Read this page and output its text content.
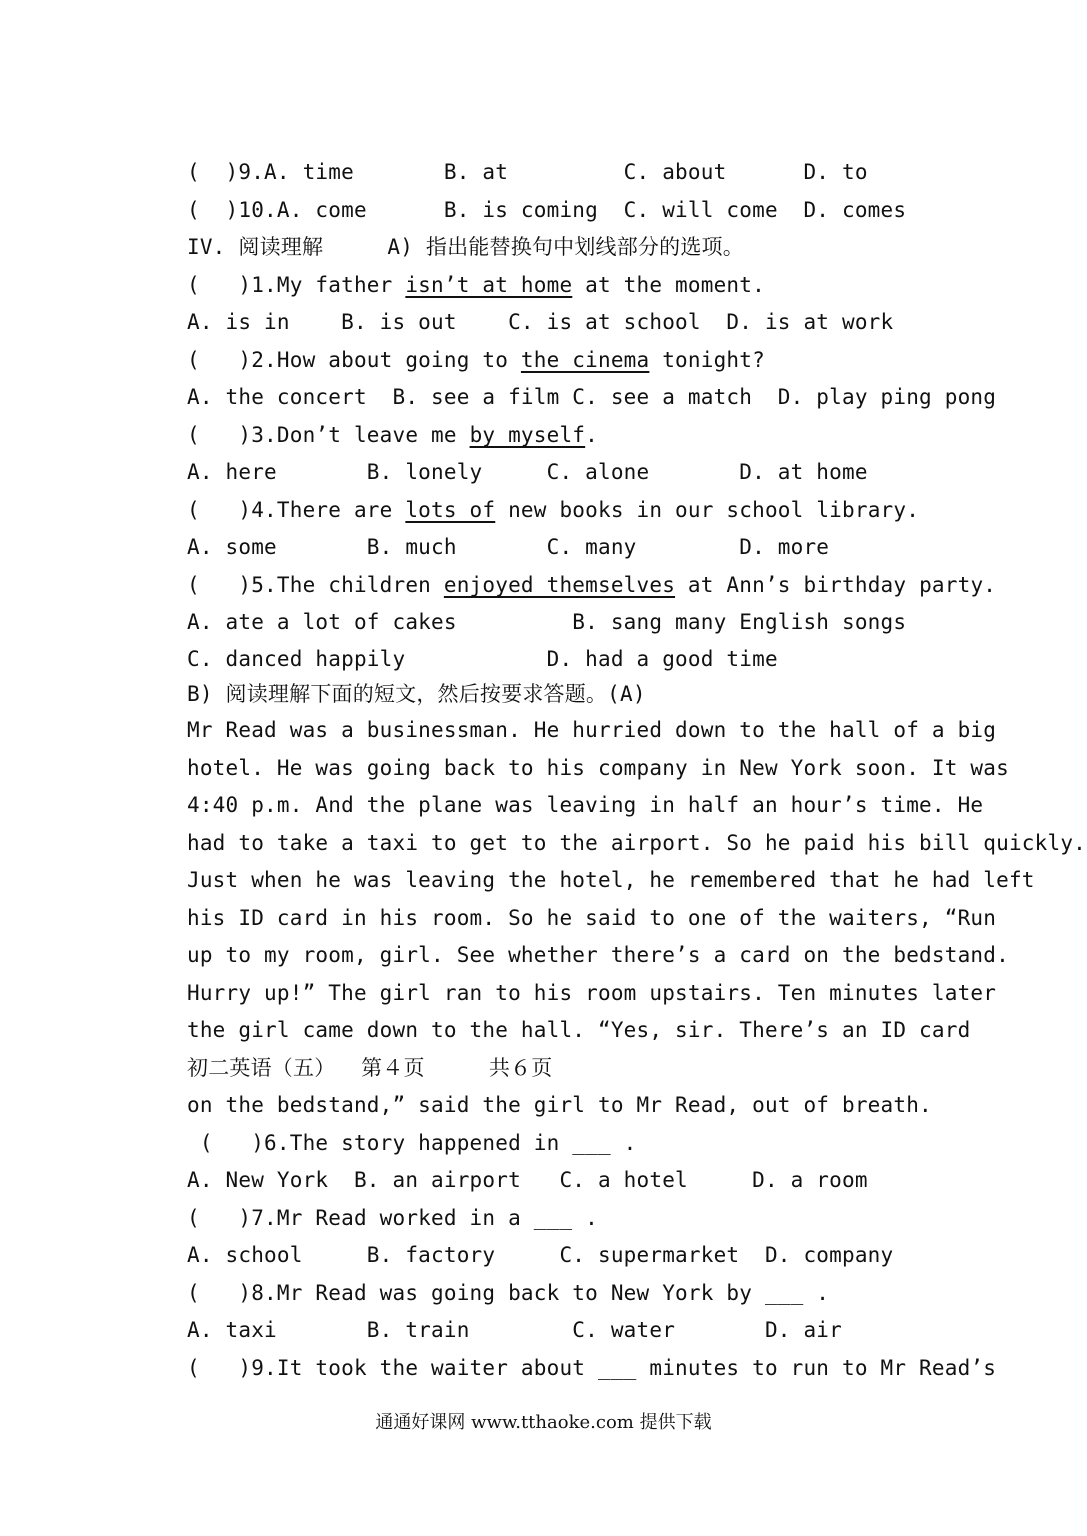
(  )9.A. time       B. at         C. about      D. to
(  )10.A. come      B. is coming  C. will come  D. comes
IV. 阅读理解     A) 指出能替换句中划线部分的选项。
(   )1.My father isn’t at home at the moment.
A. is in    B. is out    C. is at school  D. is at work
(   )2.How about going to the cinema tonight?
A. the concert  B. see a film C. see a match  D. play ping pong
(   )3.Don’t leave me by myself.
A. here       B. lonely     C. alone       D. at home
(   )4.There are lots of new books in our school library.
A. some       B. much       C. many        D. more
(   )5.The children enjoyed themselves at Ann’s birthday party.
A. ate a lot of cakes         B. sang many English songs
C. danced happily           D. had a good time
B) 阅读理解下面的短文，然后按要求答题。(A)
Mr Read was a businessman. He hurried down to the hall of a big
hotel. He was going back to his company in New York soon. It was
4:40 p.m. And the plane was leaving in half an hour’s time. He
had to take a taxi to get to the airport. So he paid his bill quickly.
Just when he was leaving the hotel, he remembered that he had left
his ID card in his room. So he said to one of the waiters, “Run
up to my room, girl. See whether there’s a card on the bedstand.
Hurry up!” The girl ran to his room upstairs. Ten minutes later
the girl came down to the hall. “Yes, sir. There’s an ID card
初二英语（五）  第４页     共６页
on the bedstand,” said the girl to Mr Read, out of breath.
(   )6.The story happened in ___ .
A. New York  B. an airport   C. a hotel     D. a room
(   )7.Mr Read worked in a ___ .
A. school     B. factory     C. supermarket  D. company
(   )8.Mr Read was going back to New York by ___ .
A. taxi       B. train        C. water       D. air
(   )9.It took the waiter about ___ minutes to run to Mr Read’s
通通好课网 www.tthaoke.com 提供下载
